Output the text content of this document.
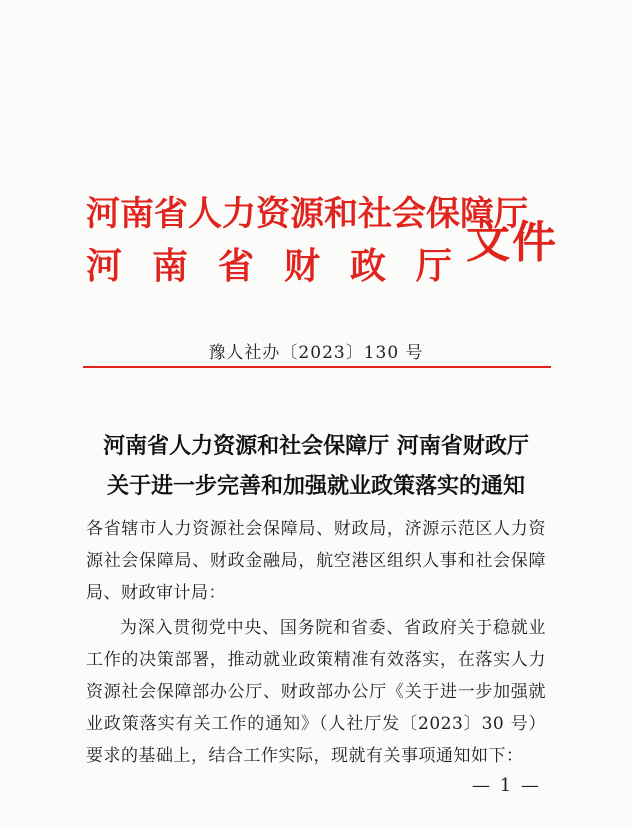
河南省人力资源和社会保障厅
河 南 省 财 政 厅 文件
豫人社办〔2023〕130 号
河南省人力资源和社会保障厅 河南省财政厅
关于进一步完善和加强就业政策落实的通知
各省辖市人力资源社会保障局、财政局，济源示范区人力资源社会保障局、财政金融局，航空港区组织人事和社会保障局、财政审计局：
为深入贯彻党中央、国务院和省委、省政府关于稳就业工作的决策部署，推动就业政策精准有效落实，在落实人力资源社会保障部办公厅、财政部办公厅《关于进一步加强就业政策落实有关工作的通知》（人社厅发〔2023〕30 号）要求的基础上，结合工作实际，现就有关事项通知如下：
— 1 —
